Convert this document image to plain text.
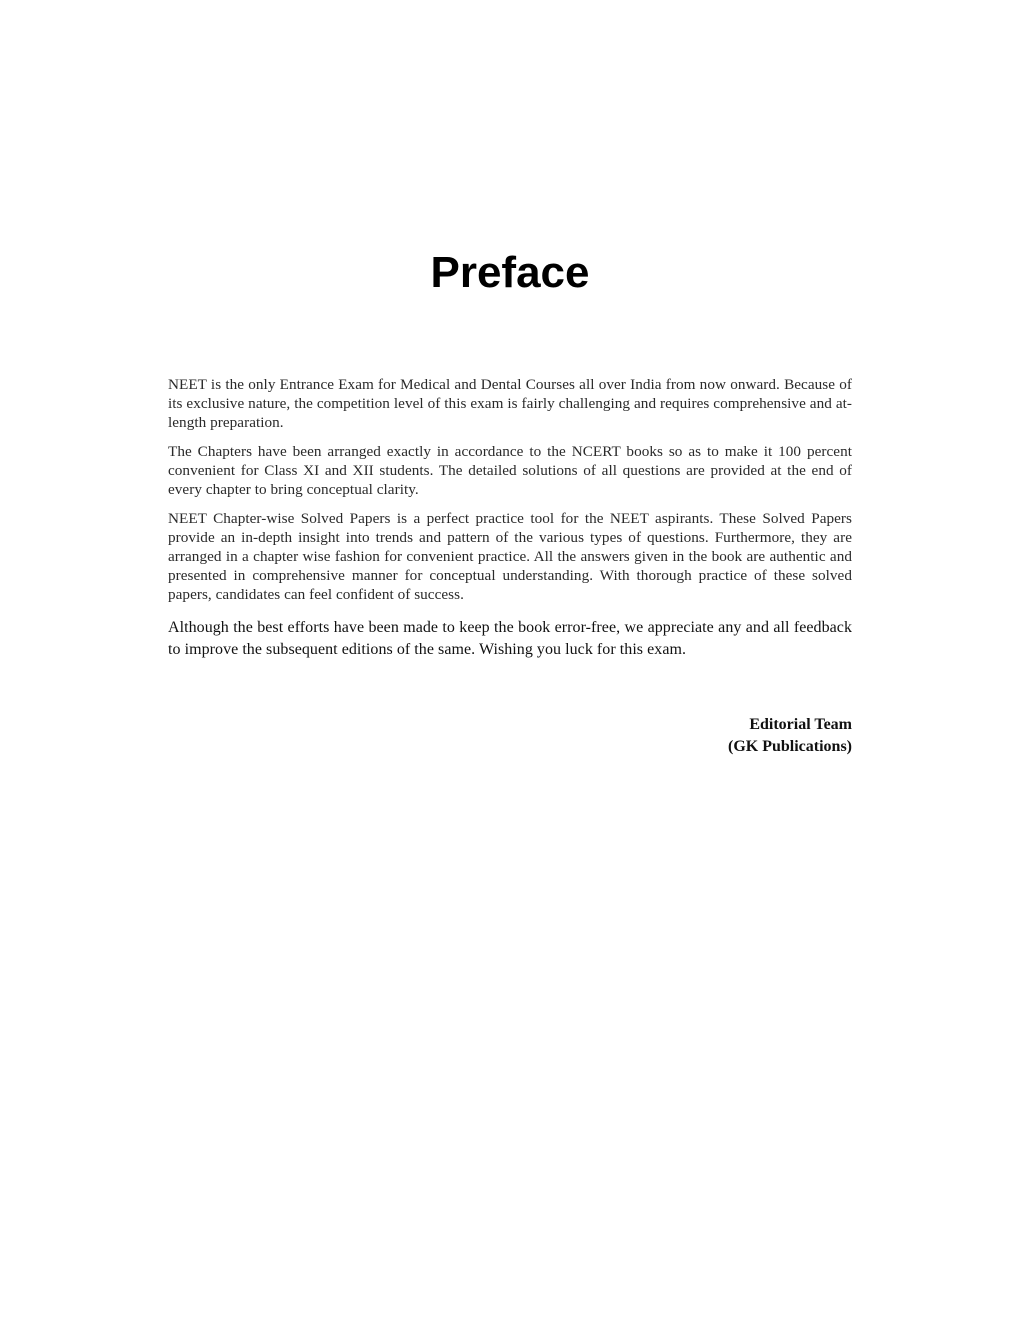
Preface

NEET is the only Entrance Exam for Medical and Dental Courses all over India from now onward. Because of its exclusive nature, the competition level of this exam is fairly challenging and requires comprehensive and at-length preparation.

The Chapters have been arranged exactly in accordance to the NCERT books so as to make it 100 percent convenient for Class XI and XII students. The detailed solutions of all questions are provided at the end of every chapter to bring conceptual clarity.

NEET Chapter-wise Solved Papers is a perfect practice tool for the NEET aspirants. These Solved Papers provide an in-depth insight into trends and pattern of the various types of questions. Furthermore, they are arranged in a chapter wise fashion for convenient practice. All the answers given in the book are authentic and presented in comprehensive manner for conceptual understanding. With thorough practice of these solved papers, candidates can feel confident of success.

Although the best efforts have been made to keep the book error-free, we appreciate any and all feedback to improve the subsequent editions of the same. Wishing you luck for this exam.

Editorial Team
(GK Publications)
